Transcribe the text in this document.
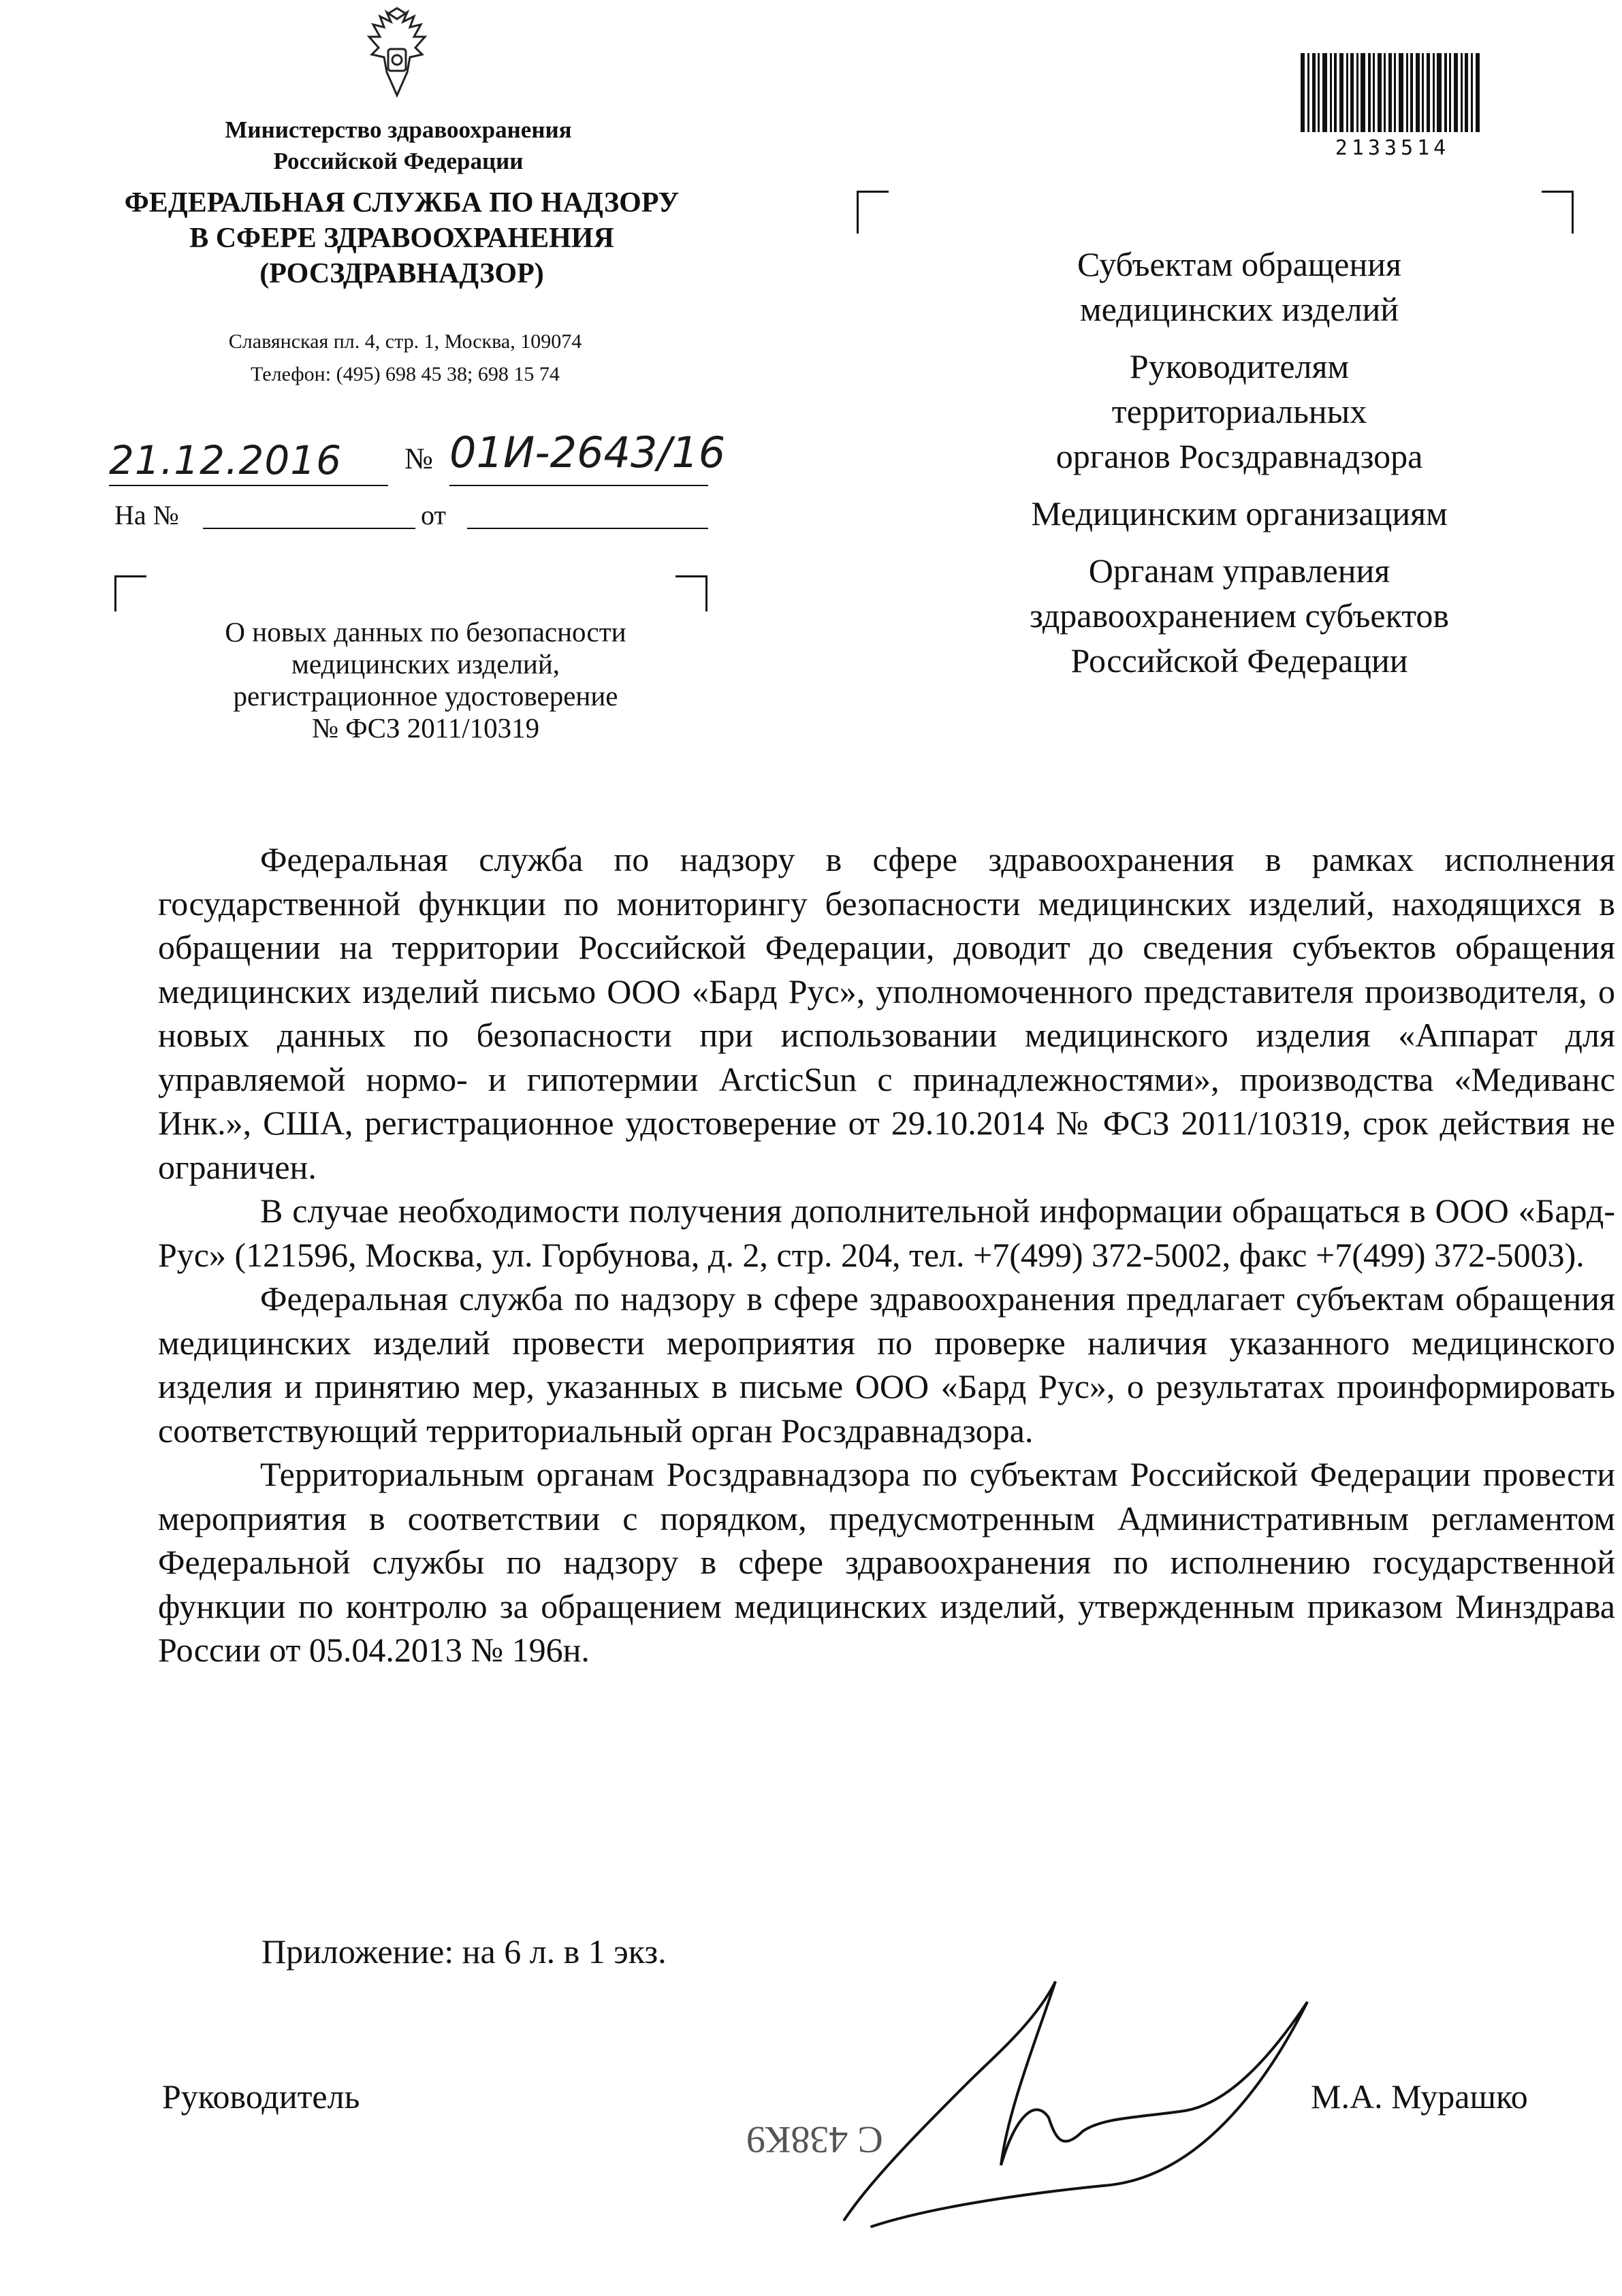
Министерство здравоохранения
Российской Федерации
ФЕДЕРАЛЬНАЯ СЛУЖБА ПО НАДЗОРУ
В СФЕРЕ ЗДРАВООХРАНЕНИЯ
(РОСЗДРАВНАДЗОР)
Славянская пл. 4, стр. 1, Москва, 109074
Телефон: (495) 698 45 38; 698 15 74
21.12.2016 № 01И-2643/16
На №	от
О новых данных по безопасности
медицинских изделий,
регистрационное удостоверение
№ ФСЗ 2011/10319
2133514
Субъектам обращения
медицинских изделий
Руководителям
территориальных
органов Росздравнадзора
Медицинским организациям
Органам управления
здравоохранением субъектов
Российской Федерации

Федеральная служба по надзору в сфере здравоохранения в рамках исполнения государственной функции по мониторингу безопасности медицинских изделий, находящихся в обращении на территории Российской Федерации, доводит до сведения субъектов обращения медицинских изделий письмо ООО «Бард Рус», уполномоченного представителя производителя, о новых данных по безопасности при использовании медицинского изделия «Аппарат для управляемой нормо- и гипотермии ArcticSun с принадлежностями», производства «Медиванс Инк.», США, регистрационное удостоверение от 29.10.2014 № ФСЗ 2011/10319, срок действия не ограничен.

В случае необходимости получения дополнительной информации обращаться в ООО «Бард-Рус» (121596, Москва, ул. Горбунова, д. 2, стр. 204, тел. +7(499) 372-5002, факс +7(499) 372-5003).

Федеральная служба по надзору в сфере здравоохранения предлагает субъектам обращения медицинских изделий провести мероприятия по проверке наличия указанного медицинского изделия и принятию мер, указанных в письме ООО «Бард Рус», о результатах проинформировать соответствующий территориальный орган Росздравнадзора.

Территориальным органам Росздравнадзора по субъектам Российской Федерации провести мероприятия в соответствии с порядком, предусмотренным Административным регламентом Федеральной службы по надзору в сфере здравоохранения по исполнению государственной функции по контролю за обращением медицинских изделий, утвержденным приказом Минздрава России от 05.04.2013 № 196н.

Приложение: на 6 л. в 1 экз.
Руководитель	М.А. Мурашко
С 438К9
